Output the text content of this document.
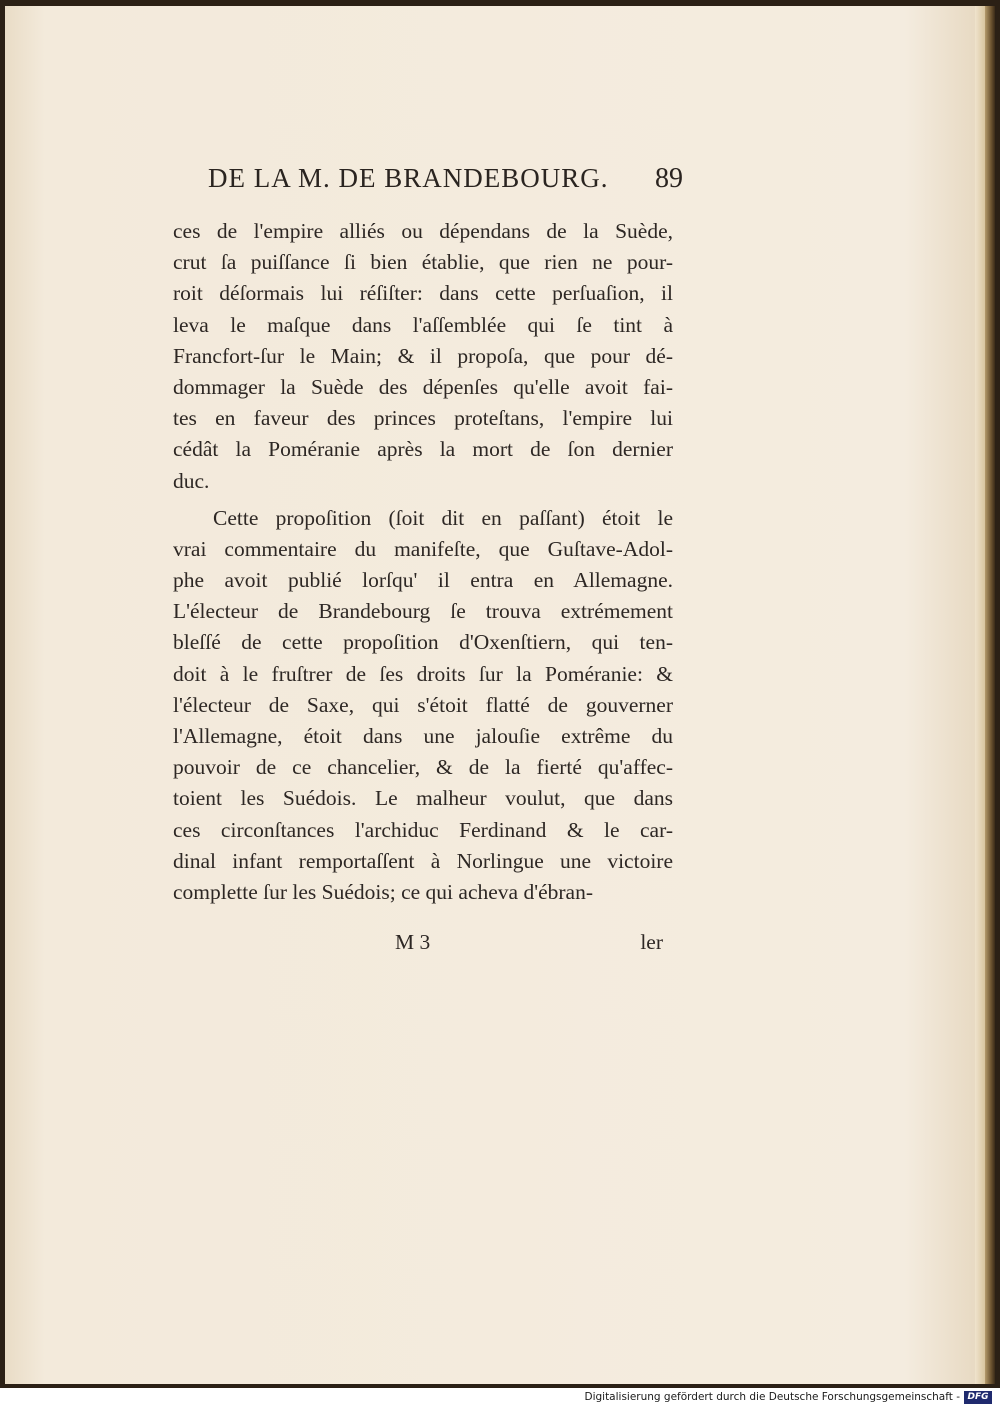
DE LA M. DE BRANDEBOURG. 89
ces de l'empire alliés ou dépendans de la Suède,
crut ſa puiſſance ſi bien établie, que rien ne pour-
roit déſormais lui réſiſter: dans cette perſuaſion, il
leva le maſque dans l'aſſemblée qui ſe tint à
Francfort-ſur le Main; & il propoſa, que pour dé-
dommager la Suède des dépenſes qu'elle avoit fai-
tes en faveur des princes proteſtans, l'empire lui
cédât la Poméranie après la mort de ſon dernier
duc.
Cette propoſition (ſoit dit en paſſant) étoit le
vrai commentaire du manifeſte, que Guſtave-Adol-
phe avoit publié lorſqu' il entra en Allemagne.
L'électeur de Brandebourg ſe trouva extrémement
bleſſé de cette propoſition d'Oxenſtiern, qui ten-
doit à le fruſtrer de ſes droits ſur la Poméranie: &
l'électeur de Saxe, qui s'étoit flatté de gouverner
l'Allemagne, étoit dans une jalouſie extrême du
pouvoir de ce chancelier, & de la fierté qu'affec-
toient les Suédois. Le malheur voulut, que dans
ces circonſtances l'archiduc Ferdinand & le car-
dinal infant remportaſſent à Norlingue une victoire
complette ſur les Suédois; ce qui acheva d'ébran-
M 3	ler
Digitalisierung gefördert durch die Deutsche Forschungsgemeinschaft - DFG
